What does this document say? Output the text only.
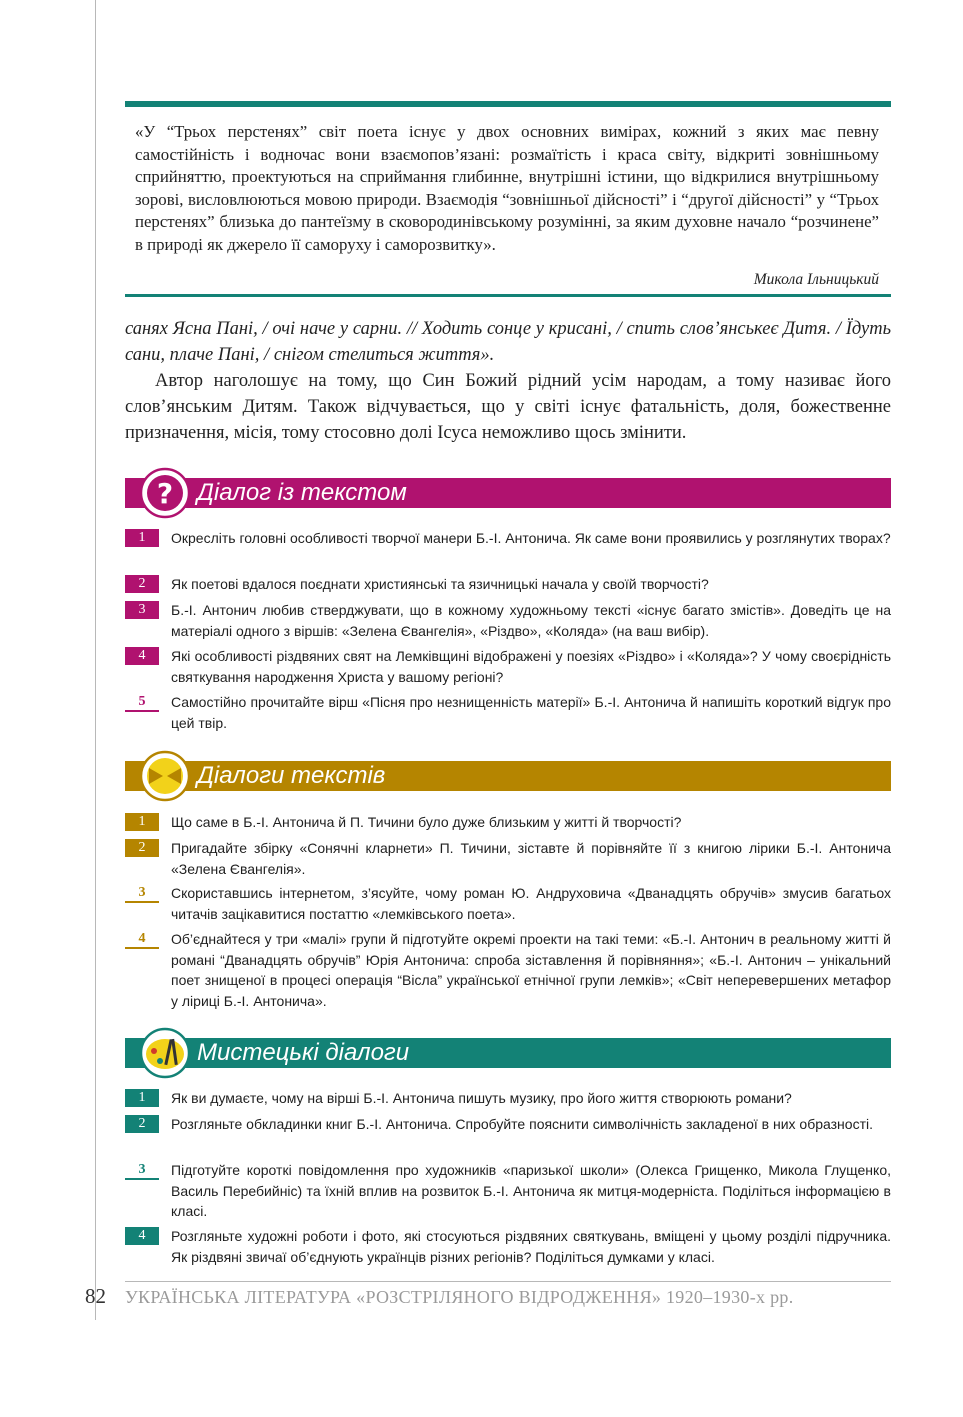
«У “Трьох перстенях” світ поета існує у двох основних вимірах, кожний з яких має певну самостійність і водночас вони взаємопов’язані: розмаїтість і краса світу, відкриті зовнішньому сприйняттю, проектуються на сприймання глибинне, внутрішні істини, що відкрилися внутрішньому зорові, висловлюються мовою природи. Взаємодія “зовнішньої дійсності” і “другої дійсності” у “Трьох перстенях” близька до пантеїзму в сковородинівському розумінні, за яким духовне начало “розчинене” в природі як джерело її саморуху і саморозвитку».

Микола Ільницький

санях Ясна Пані, / очі наче у сарни. // Ходить сонце у крисані, / спить слов’янськеє Дитя. / Їдуть сани, плаче Пані, / снігом стелиться життя».

Автор наголошує на тому, що Син Божий рідний усім народам, а тому називає його слов’янським Дитям. Також відчувається, що у світі існує фатальність, доля, божественне призначення, місія, тому стосовно долі Ісуса неможливо щось змінити.

? Діалог із текстом
1	Окресліть головні особливості творчої манери Б.-І. Антонича. Як саме вони проявились у розглянутих творах?

2	Як поетові вдалося поєднати християнські та язичницькі начала у своїй творчості?

3	Б.-І. Антонич любив стверджувати, що в кожному художньому тексті «існує багато змістів». Доведіть це на матеріалі одного з віршів: «Зелена Євангелія», «Різдво», «Коляда» (на ваш вибір).

4	Які особливості різдвяних свят на Лемківщині відображені у поезіях «Різдво» і «Коляда»? У чому своєрідність святкування народження Христа у вашому регіоні?

5	Самостійно прочитайте вірш «Пісня про незнищенність матерії» Б.-І. Антонича й напишіть короткий відгук про цей твір.

Діалоги текстів
1	Що саме в Б.-І. Антонича й П. Тичини було дуже близьким у житті й творчості?

2	Пригадайте збірку «Сонячні кларнети» П. Тичини, зіставте й порівняйте її з книгою лірики Б.-І. Антонича «Зелена Євангелія».

3	Скориставшись інтернетом, з’ясуйте, чому роман Ю. Андруховича «Дванадцять обручів» змусив багатьох читачів зацікавитися постаттю «лемківського поета».

4	Об’єднайтеся у три «малі» групи й підготуйте окремі проекти на такі теми: «Б.-І. Антонич в реальному житті й романі “Дванадцять обручів” Юрія Антонича: спроба зіставлення й порівняння»; «Б.-І. Антонич – унікальний поет знищеної в процесі операція “Вісла” української етнічної групи лемків»; «Світ неперевершених метафор у ліриці Б.-І. Антонича».

Мистецькі діалоги
1	Як ви думаєте, чому на вірші Б.-І. Антонича пишуть музику, про його життя створюють романи?

2	Розгляньте обкладинки книг Б.-І. Антонича. Спробуйте пояснити символічність закладеної в них образності.

3	Підготуйте короткі повідомлення про художників «паризької школи» (Олекса Грищенко, Микола Глущенко, Василь Перебийніс) та їхній вплив на розвиток Б.-І. Антонича як митця-модерніста. Поділіться інформацією в класі.

4	Розгляньте художні роботи і фото, які стосуються різдвяних святкувань, вміщені у цьому розділі підручника. Як різдвяні звичаї об’єднують українців різних регіонів? Поділіться думками у класі.

82 УКРАЇНСЬКА ЛІТЕРАТУРА «РОЗСТРІЛЯНОГО ВІДРОДЖЕННЯ» 1920–1930-х рр.
